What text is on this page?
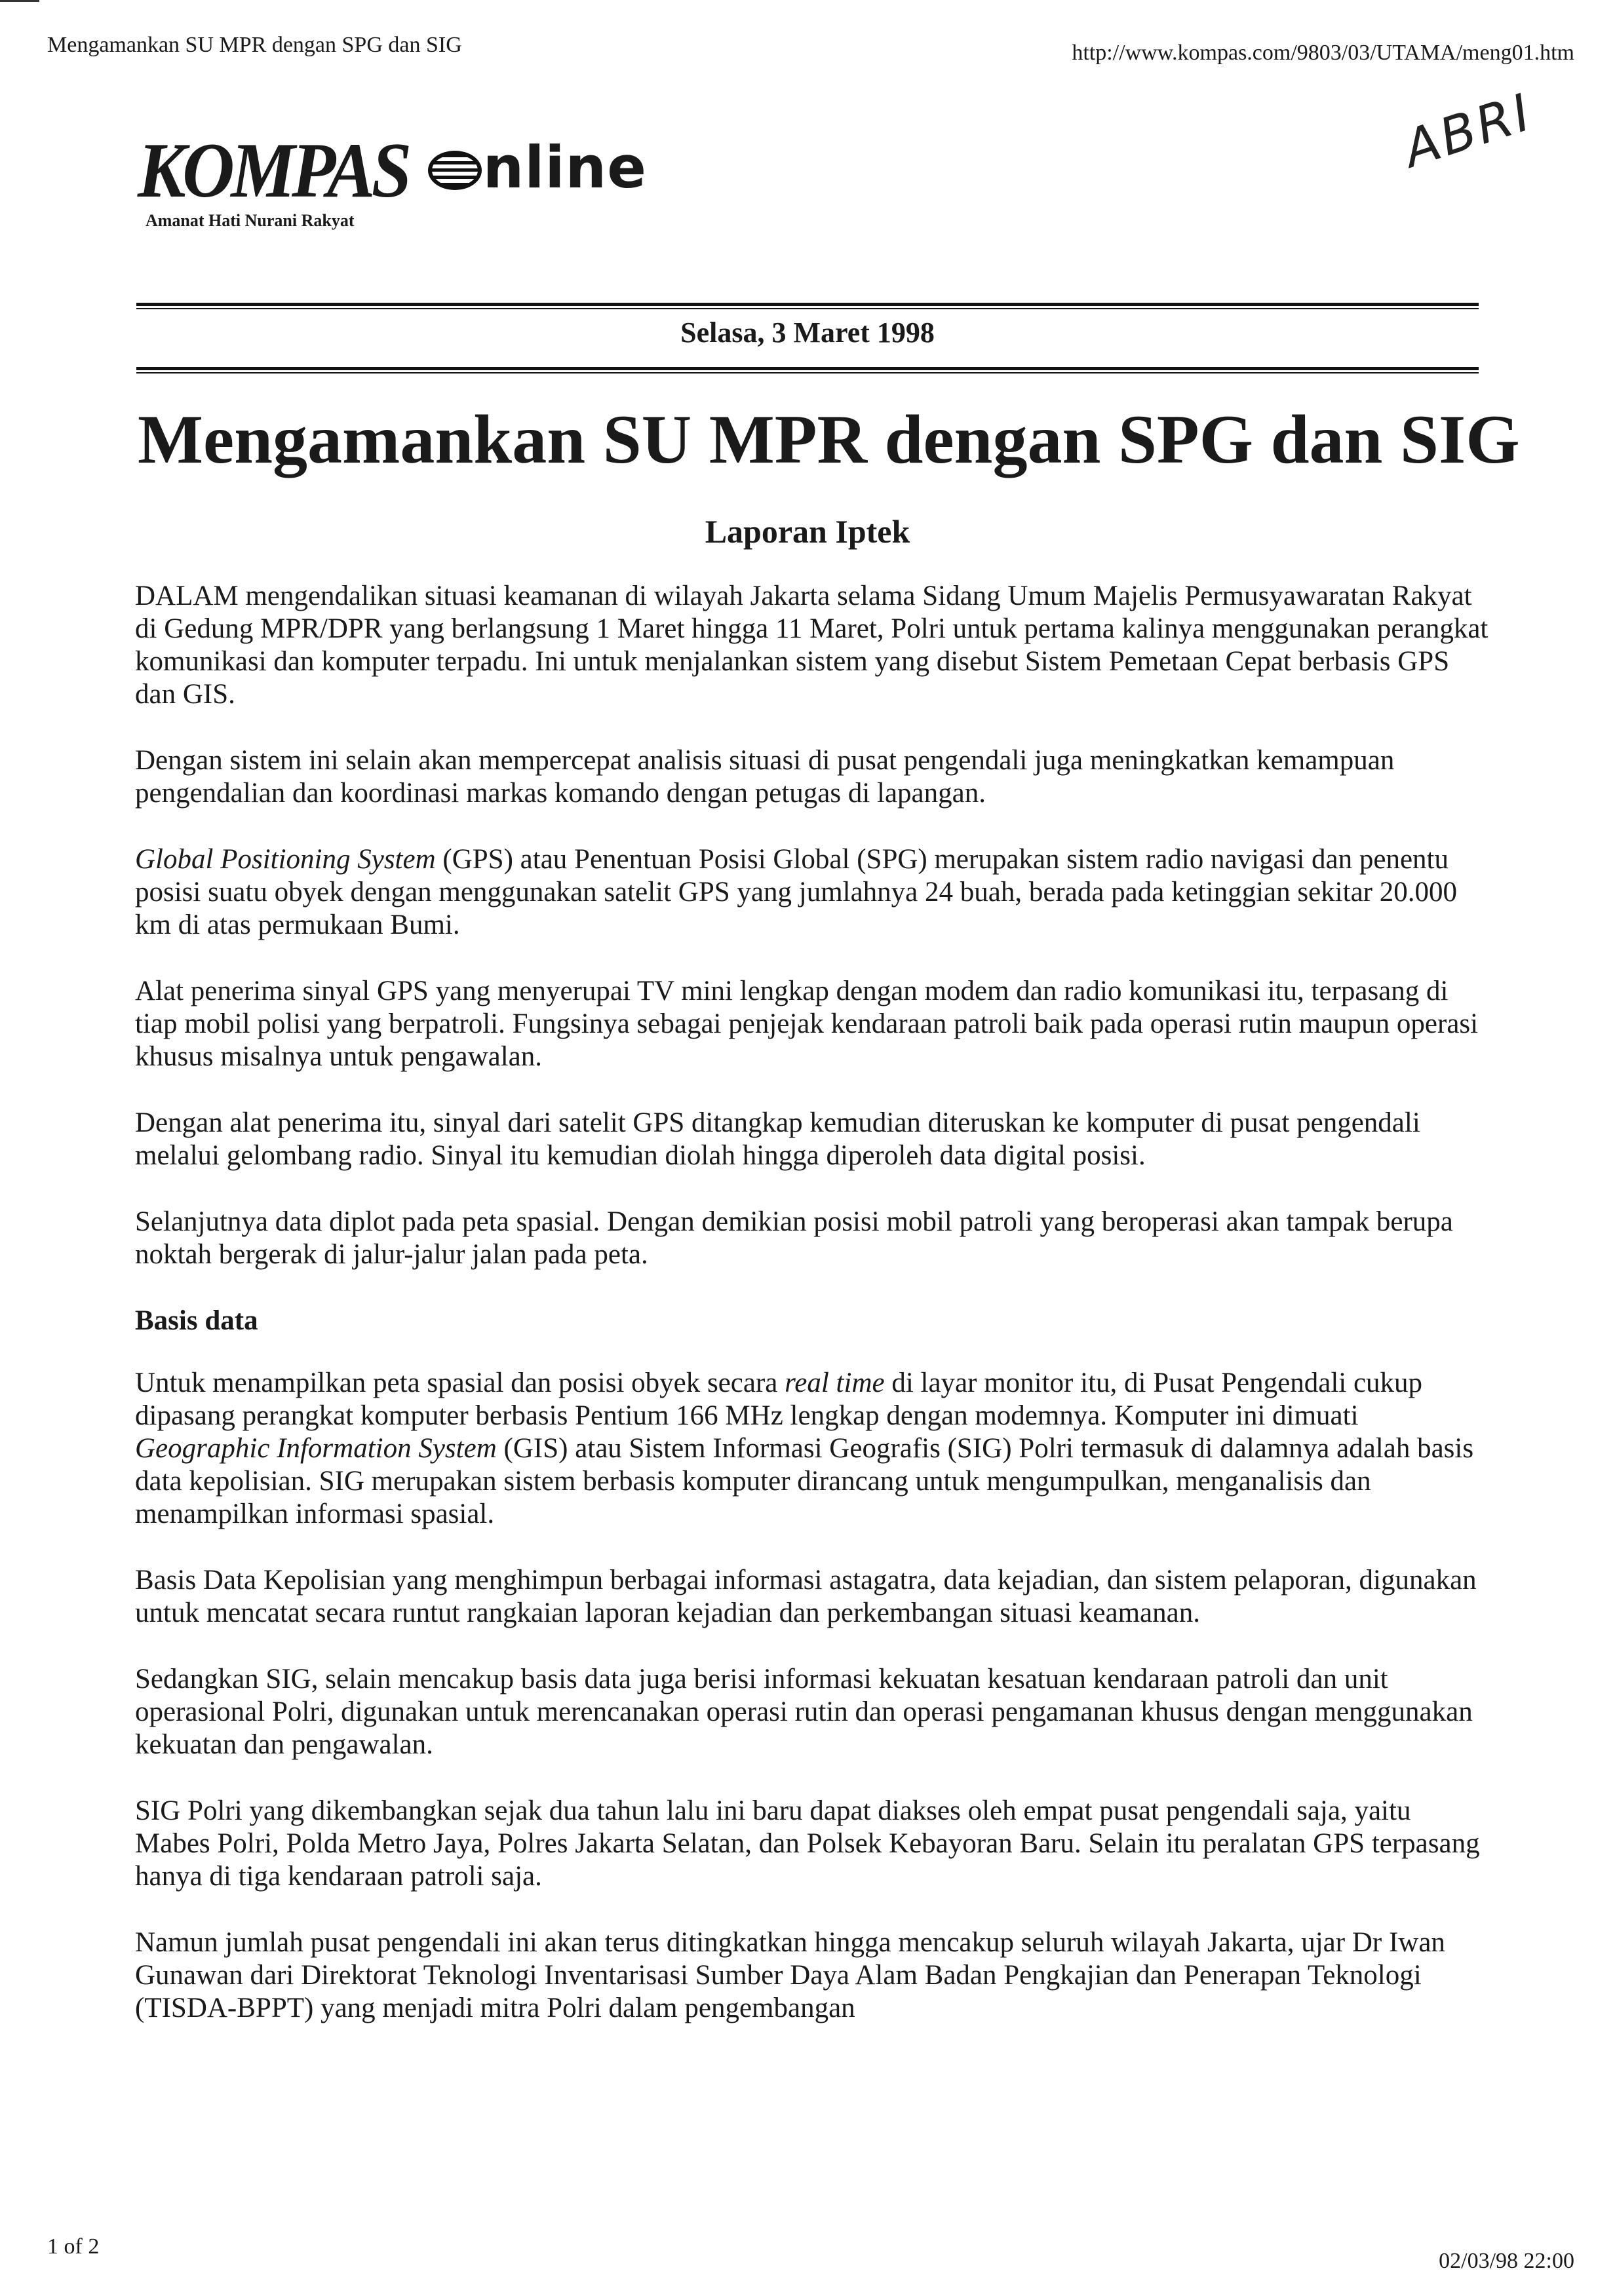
Mengamankan SU MPR dengan SPG dan SIG	http://www.kompas.com/9803/03/UTAMA/meng01.htm
ABRI
KOMPAS nline
Amanat Hati Nurani Rakyat
Selasa, 3 Maret 1998
Mengamankan SU MPR dengan SPG dan SIG
Laporan Iptek

DALAM mengendalikan situasi keamanan di wilayah Jakarta selama Sidang Umum Majelis Permusyawaratan Rakyat di Gedung MPR/DPR yang berlangsung 1 Maret hingga 11 Maret, Polri untuk pertama kalinya menggunakan perangkat komunikasi dan komputer terpadu. Ini untuk menjalankan sistem yang disebut Sistem Pemetaan Cepat berbasis GPS dan GIS.

Dengan sistem ini selain akan mempercepat analisis situasi di pusat pengendali juga meningkatkan kemampuan pengendalian dan koordinasi markas komando dengan petugas di lapangan.

Global Positioning System (GPS) atau Penentuan Posisi Global (SPG) merupakan sistem radio navigasi dan penentu posisi suatu obyek dengan menggunakan satelit GPS yang jumlahnya 24 buah, berada pada ketinggian sekitar 20.000 km di atas permukaan Bumi.

Alat penerima sinyal GPS yang menyerupai TV mini lengkap dengan modem dan radio komunikasi itu, terpasang di tiap mobil polisi yang berpatroli. Fungsinya sebagai penjejak kendaraan patroli baik pada operasi rutin maupun operasi khusus misalnya untuk pengawalan.

Dengan alat penerima itu, sinyal dari satelit GPS ditangkap kemudian diteruskan ke komputer di pusat pengendali melalui gelombang radio. Sinyal itu kemudian diolah hingga diperoleh data digital posisi.

Selanjutnya data diplot pada peta spasial. Dengan demikian posisi mobil patroli yang beroperasi akan tampak berupa noktah bergerak di jalur-jalur jalan pada peta.

Basis data

Untuk menampilkan peta spasial dan posisi obyek secara real time di layar monitor itu, di Pusat Pengendali cukup dipasang perangkat komputer berbasis Pentium 166 MHz lengkap dengan modemnya. Komputer ini dimuati Geographic Information System (GIS) atau Sistem Informasi Geografis (SIG) Polri termasuk di dalamnya adalah basis data kepolisian. SIG merupakan sistem berbasis komputer dirancang untuk mengumpulkan, menganalisis dan menampilkan informasi spasial.

Basis Data Kepolisian yang menghimpun berbagai informasi astagatra, data kejadian, dan sistem pelaporan, digunakan untuk mencatat secara runtut rangkaian laporan kejadian dan perkembangan situasi keamanan.

Sedangkan SIG, selain mencakup basis data juga berisi informasi kekuatan kesatuan kendaraan patroli dan unit operasional Polri, digunakan untuk merencanakan operasi rutin dan operasi pengamanan khusus dengan menggunakan kekuatan dan pengawalan.

SIG Polri yang dikembangkan sejak dua tahun lalu ini baru dapat diakses oleh empat pusat pengendali saja, yaitu Mabes Polri, Polda Metro Jaya, Polres Jakarta Selatan, dan Polsek Kebayoran Baru. Selain itu peralatan GPS terpasang hanya di tiga kendaraan patroli saja.

Namun jumlah pusat pengendali ini akan terus ditingkatkan hingga mencakup seluruh wilayah Jakarta, ujar Dr Iwan Gunawan dari Direktorat Teknologi Inventarisasi Sumber Daya Alam Badan Pengkajian dan Penerapan Teknologi (TISDA-BPPT) yang menjadi mitra Polri dalam pengembangan

1 of 2
02/03/98 22:00
